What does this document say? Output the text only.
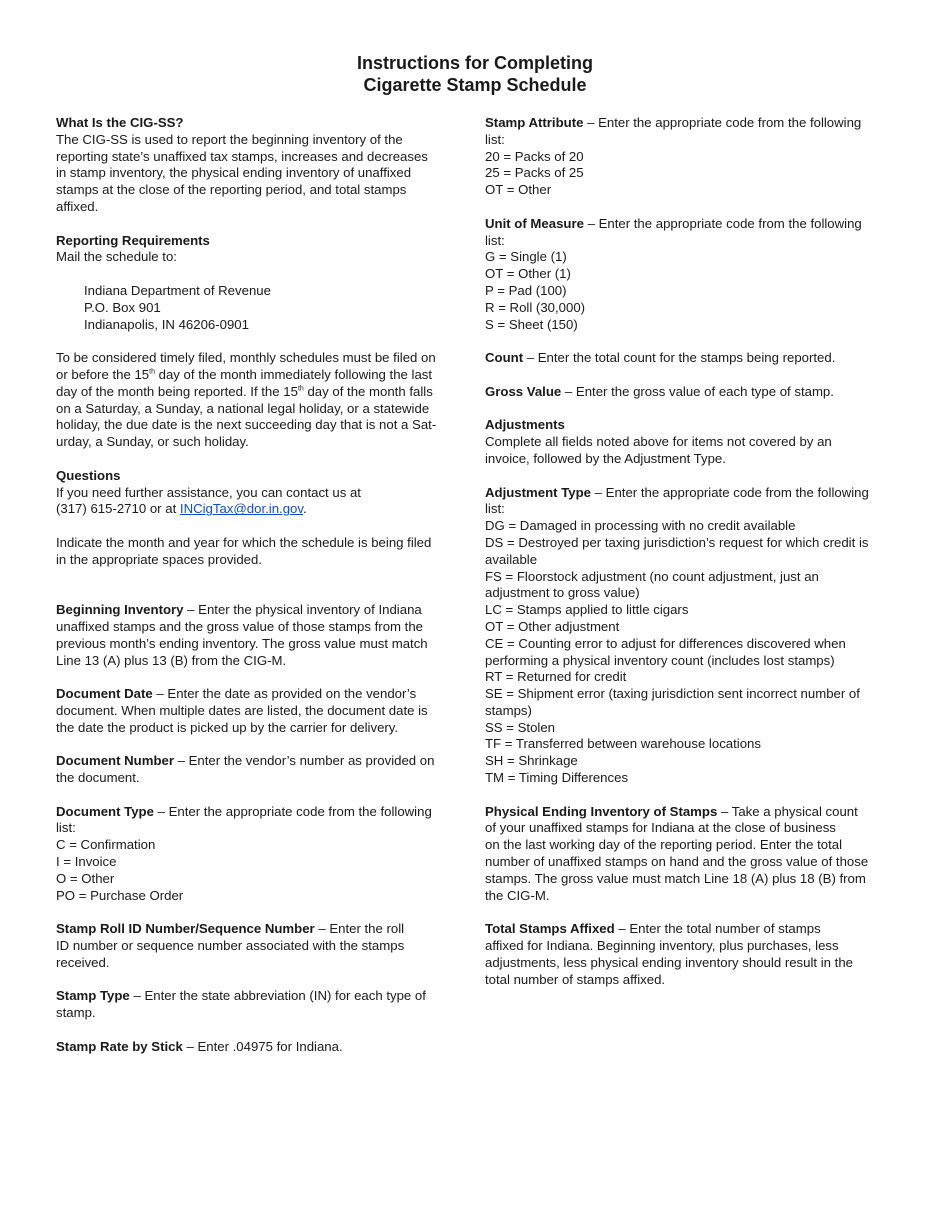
Instructions for Completing
Cigarette Stamp Schedule
What Is the CIG-SS?
The CIG-SS is used to report the beginning inventory of the
reporting state’s unaffixed tax stamps, increases and decreases
in stamp inventory, the physical ending inventory of unaffixed
stamps at the close of the reporting period, and total stamps
affixed.
Reporting Requirements
Mail the schedule to:

Indiana Department of Revenue
P.O. Box 901
Indianapolis, IN 46206-0901
To be considered timely filed, monthly schedules must be filed on
or before the 15th day of the month immediately following the last
day of the month being reported. If the 15th day of the month falls
on a Saturday, a Sunday, a national legal holiday, or a statewide
holiday, the due date is the next succeeding day that is not a Sat-
urday, a Sunday, or such holiday.
Questions
If you need further assistance, you can contact us at
(317) 615-2710 or at INCigTax@dor.in.gov.
Indicate the month and year for which the schedule is being filed
in the appropriate spaces provided.
Beginning Inventory – Enter the physical inventory of Indiana
unaffixed stamps and the gross value of those stamps from the
previous month’s ending inventory. The gross value must match
Line 13 (A) plus 13 (B) from the CIG-M.
Document Date – Enter the date as provided on the vendor’s
document. When multiple dates are listed, the document date is
the date the product is picked up by the carrier for delivery.
Document Number – Enter the vendor’s number as provided on
the document.
Document Type – Enter the appropriate code from the following
list:
C = Confirmation
I = Invoice
O = Other
PO = Purchase Order
Stamp Roll ID Number/Sequence Number – Enter the roll
ID number or sequence number associated with the stamps
received.
Stamp Type – Enter the state abbreviation (IN) for each type of
stamp.
Stamp Rate by Stick – Enter .04975 for Indiana.
Stamp Attribute – Enter the appropriate code from the following
list:
20 = Packs of 20
25 = Packs of 25
OT = Other
Unit of Measure – Enter the appropriate code from the following
list:
G = Single (1)
OT = Other (1)
P = Pad (100)
R = Roll (30,000)
S = Sheet (150)
Count – Enter the total count for the stamps being reported.
Gross Value – Enter the gross value of each type of stamp.
Adjustments
Complete all fields noted above for items not covered by an
invoice, followed by the Adjustment Type.
Adjustment Type – Enter the appropriate code from the following
list:
DG = Damaged in processing with no credit available
DS = Destroyed per taxing jurisdiction’s request for which credit is
available
FS = Floorstock adjustment (no count adjustment, just an
adjustment to gross value)
LC = Stamps applied to little cigars
OT = Other adjustment
CE = Counting error to adjust for differences discovered when
performing a physical inventory count (includes lost stamps)
RT = Returned for credit
SE = Shipment error (taxing jurisdiction sent incorrect number of
stamps)
SS = Stolen
TF = Transferred between warehouse locations
SH = Shrinkage
TM = Timing Differences
Physical Ending Inventory of Stamps – Take a physical count
of your unaffixed stamps for Indiana at the close of business
on the last working day of the reporting period. Enter the total
number of unaffixed stamps on hand and the gross value of those
stamps. The gross value must match Line 18 (A) plus 18 (B) from
the CIG-M.
Total Stamps Affixed – Enter the total number of stamps
affixed for Indiana. Beginning inventory, plus purchases, less
adjustments, less physical ending inventory should result in the
total number of stamps affixed.
